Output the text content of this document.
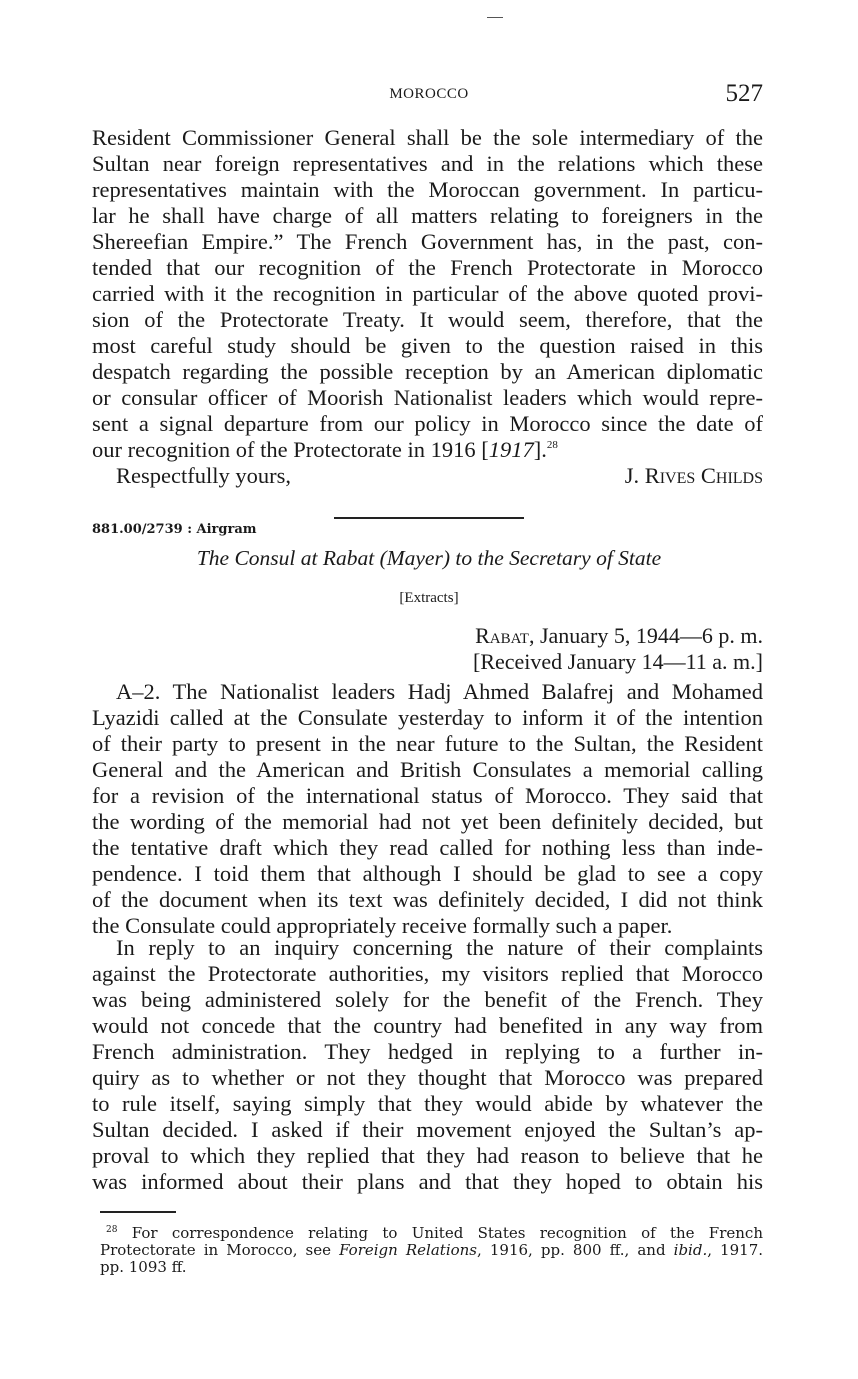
MOROCCO	527
Resident Commissioner General shall be the sole intermediary of the
Sultan near foreign representatives and in the relations which these
representatives maintain with the Moroccan government. In particu-
lar he shall have charge of all matters relating to foreigners in the
Shereefian Empire.” The French Government has, in the past, con-
tended that our recognition of the French Protectorate in Morocco
carried with it the recognition in particular of the above quoted provi-
sion of the Protectorate Treaty. It would seem, therefore, that the
most careful study should be given to the question raised in this
despatch regarding the possible reception by an American diplomatic
or consular officer of Moorish Nationalist leaders which would repre-
sent a signal departure from our policy in Morocco since the date of
our recognition of the Protectorate in 1916 [1917].$^{28}$
Respectfully yours,	J. Rives Childs
881.00/2739 : Airgram
The Consul at Rabat (Mayer) to the Secretary of State
[Extracts]
Rabat, January 5, 1944—6 p. m.
[Received January 14—11 a. m.]
A–2. The Nationalist leaders Hadj Ahmed Balafrej and Mohamed
Lyazidi called at the Consulate yesterday to inform it of the intention
of their party to present in the near future to the Sultan, the Resident
General and the American and British Consulates a memorial calling
for a revision of the international status of Morocco. They said that
the wording of the memorial had not yet been definitely decided, but
the tentative draft which they read called for nothing less than inde-
pendence. I toid them that although I should be glad to see a copy
of the document when its text was definitely decided, I did not think
the Consulate could appropriately receive formally such a paper.
In reply to an inquiry concerning the nature of their complaints
against the Protectorate authorities, my visitors replied that Morocco
was being administered solely for the benefit of the French. They
would not concede that the country had benefited in any way from
French administration. They hedged in replying to a further in-
quiry as to whether or not they thought that Morocco was prepared
to rule itself, saying simply that they would abide by whatever the
Sultan decided. I asked if their movement enjoyed the Sultan’s ap-
proval to which they replied that they had reason to believe that he
was informed about their plans and that they hoped to obtain his
$^{28}$ For correspondence relating to United States recognition of the French
Protectorate in Morocco, see Foreign Relations, 1916, pp. 800 ff., and ibid., 1917.
pp. 1093 ff.
